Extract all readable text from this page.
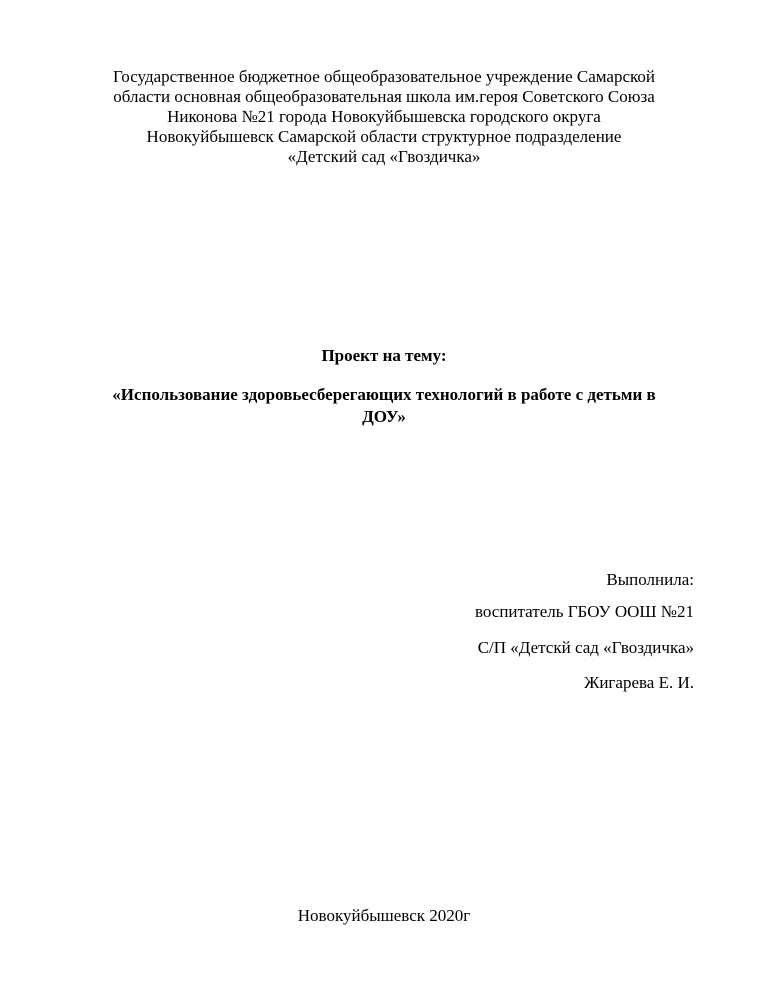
Государственное бюджетное общеобразовательное учреждение Самарской
области основная общеобразовательная школа им.героя Советского Союза
Никонова №21 города Новокуйбышевска городского округа
Новокуйбышевск Самарской области структурное подразделение
«Детский сад «Гвоздичка»
Проект на тему:
«Использование здоровьесберегающих технологий в работе с детьми в
ДОУ»
Выполнила:
воспитатель ГБОУ ООШ №21
С/П «Детскй сад «Гвоздичка»
Жигарева Е. И.
Новокуйбышевск 2020г
